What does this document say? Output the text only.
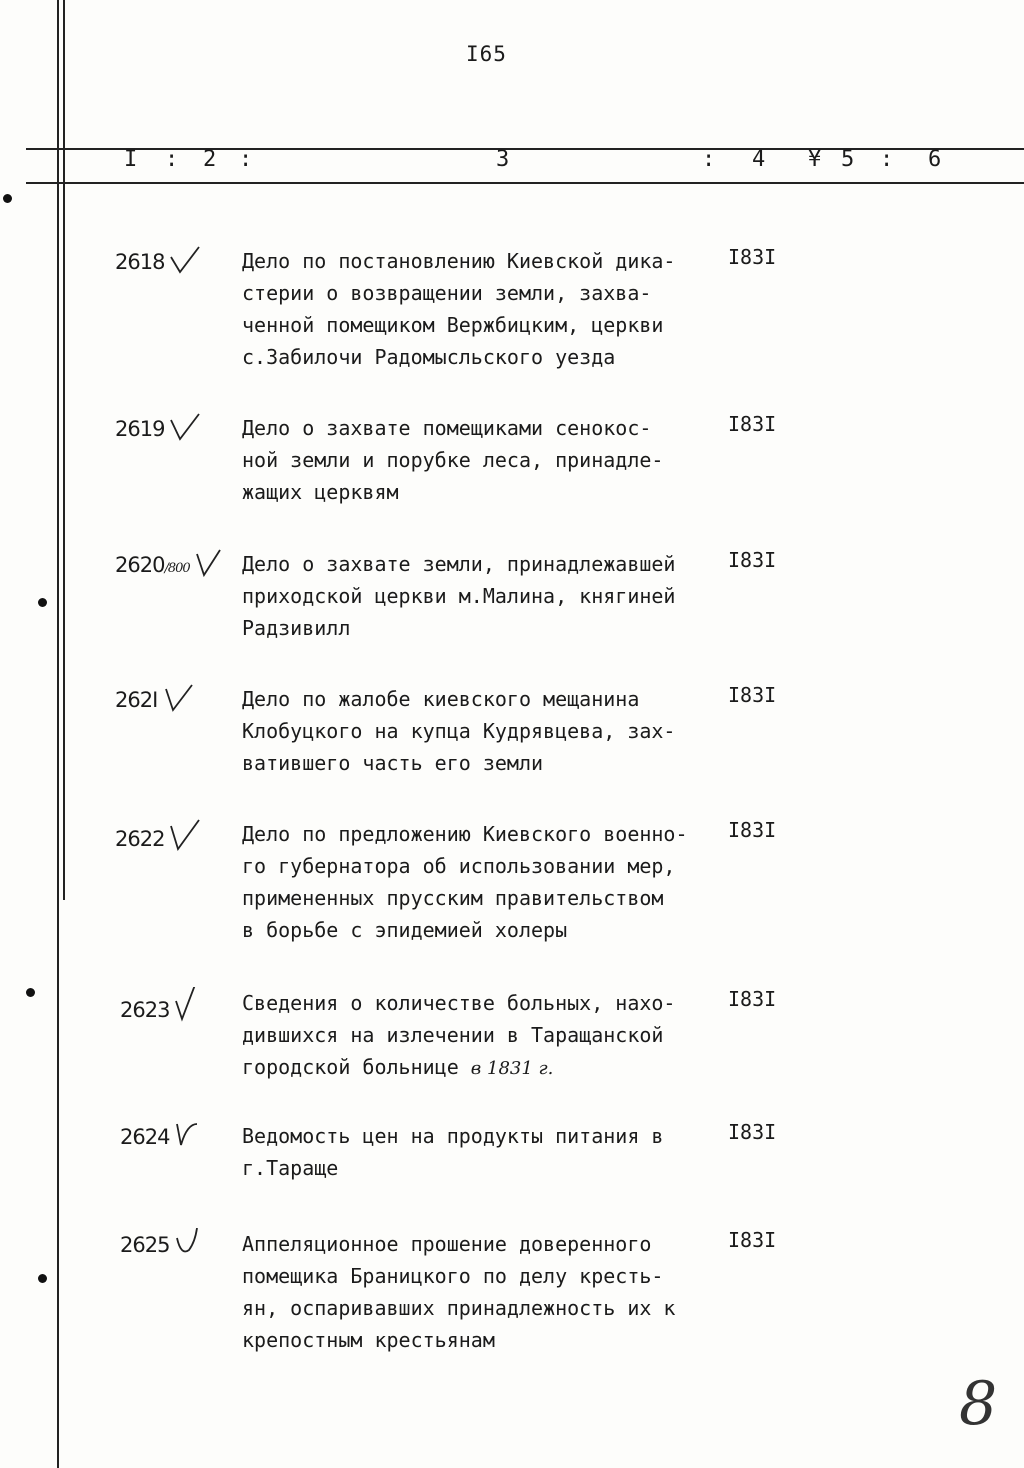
I65
I : 2 :	3	: 4 ¥ 5 : 6
2618	Дело по постановлению Киевской дика-
стерии о возвращении земли, захва-
ченной помещиком Вержбицким, церкви
с.Забилочи Радомысльского уезда
I83I
2619	Дело о захвате помещиками сенокос-
ной земли и порубке леса, принадле-
жащих церквям
I83I
2620/800	Дело о захвате земли, принадлежавшей
приходской церкви м.Малина, княгиней
Радзивилл
I83I
262I	Дело по жалобе киевского мещанина
Клобуцкого на купца Кудрявцева, зах-
ватившего часть его земли
I83I
2622	Дело по предложению Киевского военно-
го губернатора об использовании мер,
примененных прусским правительством
в борьбе с эпидемией холеры
I83I
2623	Сведения о количестве больных, нахо-
дившихся на излечении в Таращанской
городской больнице в 1831 г.
I83I
2624	Ведомость цен на продукты питания в
г.Тараще
I83I
2625	Аппеляционное прошение доверенного
помещика Браницкого по делу кресть-
ян, оспаривавших принадлежность их к
крепостным крестьянам
I83I
8
